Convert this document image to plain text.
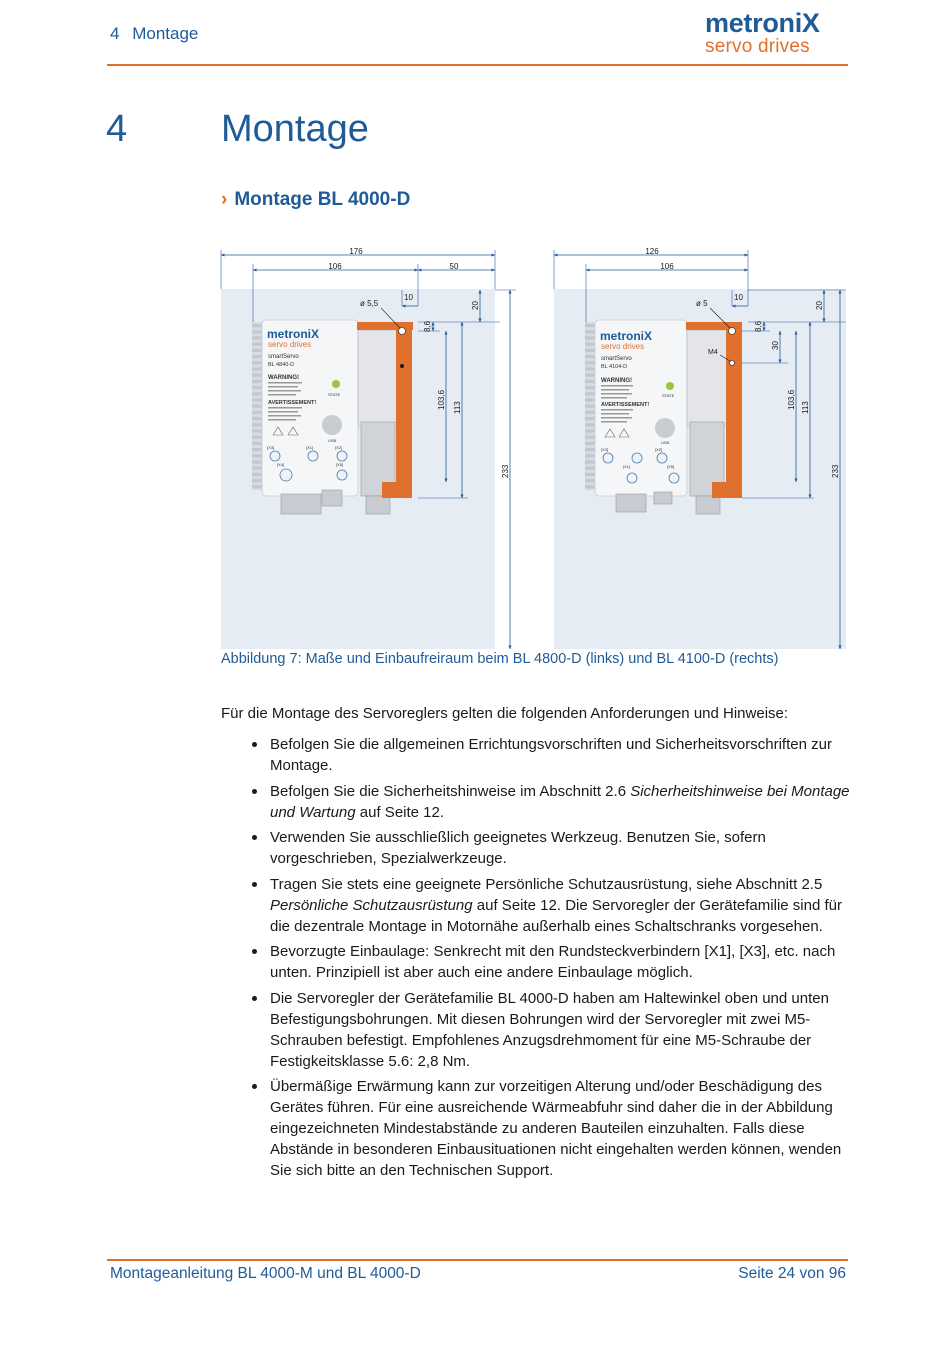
4 Montage	metroniX
servo drives
4 Montage
› Montage BL 4000-D
176
106	50
metroniX
servo drives
smartServo
BL 4840-D
WARNING!
AVERTISSEMENT!
STATE
USB
[X3]	[X1]	[X2]
[X4]	[X5]
10
ø 5,5
8,6
103,6 113
20
233
126
106
metroniX
servo drives
smartServo
BL 4104-D
WARNING!
AVERTISSEMENT!
STATE
USB
[X3]	[X2]
[X1]	[X5]
10
ø 5
M4
8,6
30
103,6 113
20
233
Abbildung 7: Maße und Einbaufreiraum beim BL 4800-D (links) und BL 4100-D (rechts)
Für die Montage des Servoreglers gelten die folgenden Anforderungen und Hinweise:
Befolgen Sie die allgemeinen Errichtungsvorschriften und Sicherheitsvorschriften zur Montage.
Befolgen Sie die Sicherheitshinweise im Abschnitt 2.6 Sicherheitshinweise bei Montage und Wartung auf Seite 12.
Verwenden Sie ausschließlich geeignetes Werkzeug. Benutzen Sie, sofern vorgeschrieben, Spezialwerkzeuge.
Tragen Sie stets eine geeignete Persönliche Schutzausrüstung, siehe Abschnitt 2.5 Persönliche Schutzausrüstung auf Seite 12. Die Servoregler der Gerätefamilie sind für die dezentrale Montage in Motornähe außerhalb eines Schaltschranks vorgesehen.
Bevorzugte Einbaulage: Senkrecht mit den Rundsteckverbindern [X1], [X3], etc. nach unten. Prinzipiell ist aber auch eine andere Einbaulage möglich.
Die Servoregler der Gerätefamilie BL 4000-D haben am Haltewinkel oben und unten Befestigungsbohrungen. Mit diesen Bohrungen wird der Servoregler mit zwei M5-Schrauben befestigt. Empfohlenes Anzugsdrehmoment für eine M5-Schraube der Festigkeitsklasse 5.6: 2,8 Nm.
Übermäßige Erwärmung kann zur vorzeitigen Alterung und/oder Beschädigung des Gerätes führen. Für eine ausreichende Wärmeabfuhr sind daher die in der Abbildung eingezeichneten Mindestabstände zu anderen Bauteilen einzuhalten. Falls diese Abstände in besonderen Einbausituationen nicht eingehalten werden können, wenden Sie sich bitte an den Technischen Support.
Montageanleitung BL 4000-M und BL 4000-D	Seite 24 von 96
